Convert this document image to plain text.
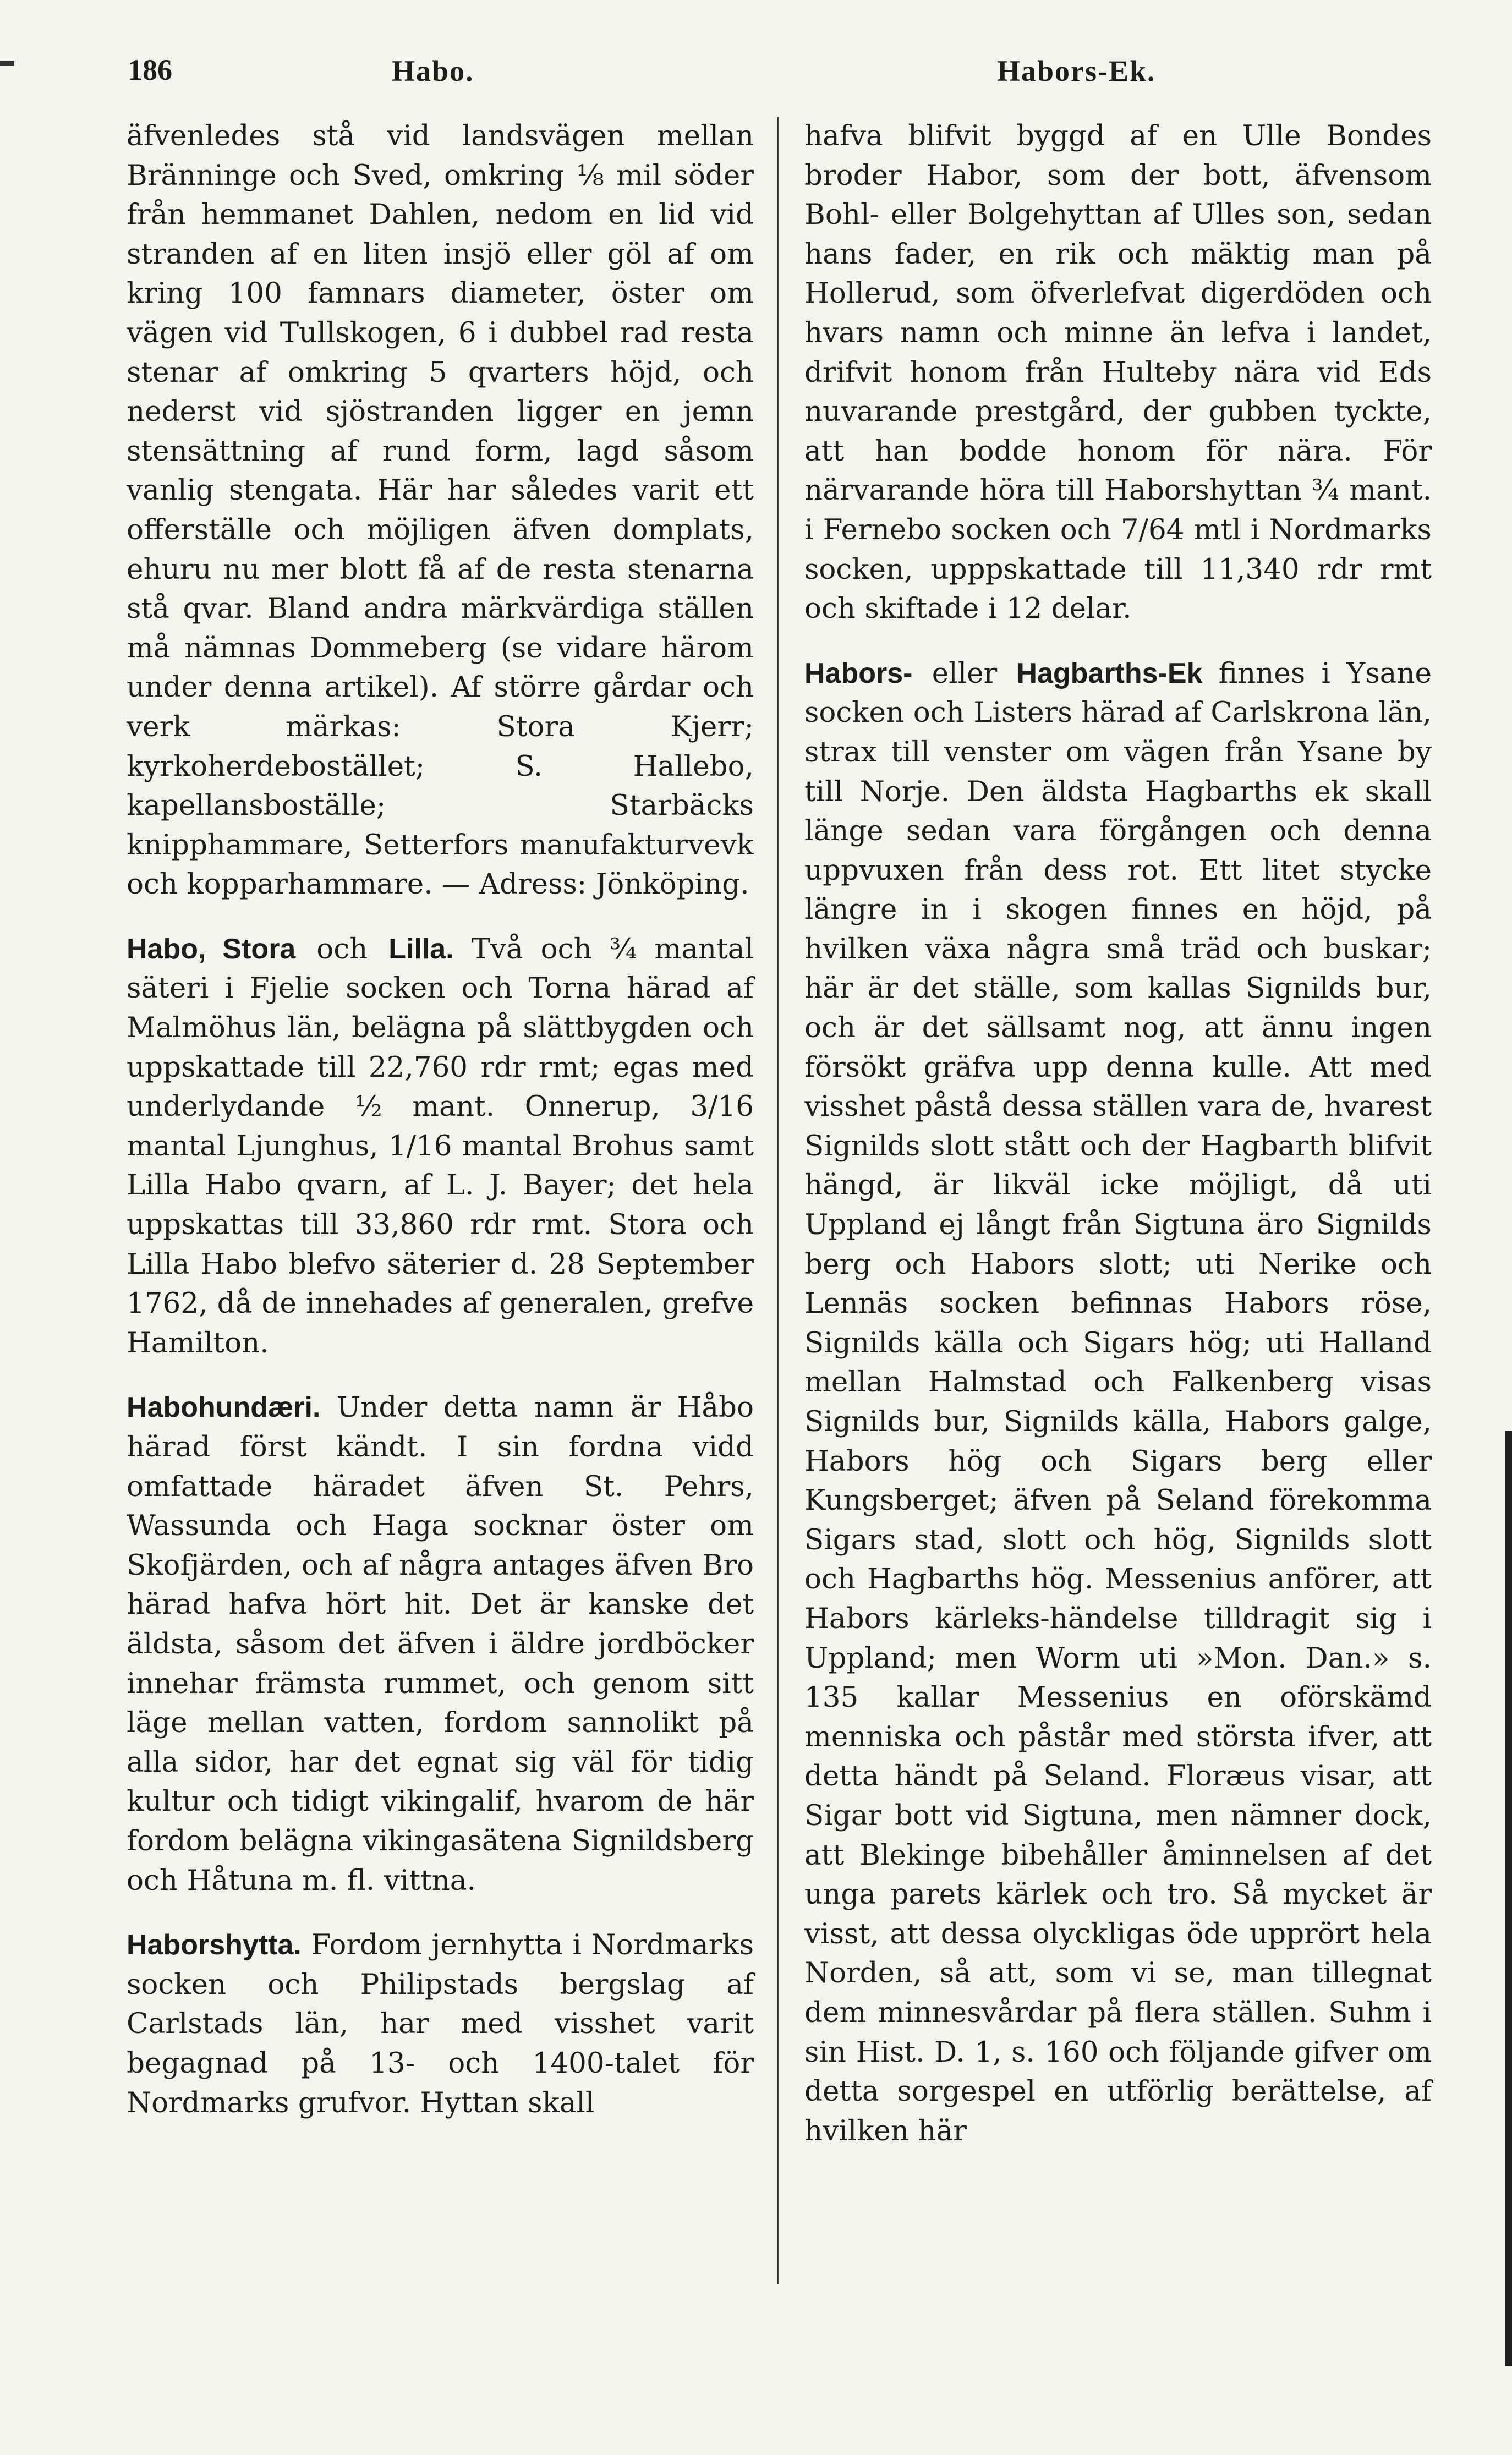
186	Habo.	Habors-Ek.

äfvenledes stå vid landsvägen mellan Bränninge och Sved, omkring ⅛ mil söder från hemmanet Dahlen, nedom en lid vid stranden af en liten insjö eller göl af om kring 100 famnars diameter, öster om vägen vid Tullskogen, 6 i dubbel rad resta stenar af omkring 5 qvarters höjd, och nederst vid sjöstranden ligger en jemn stensättning af rund form, lagd såsom vanlig stengata. Här har således varit ett offerställe och möjligen äfven domplats, ehuru nu mer blott få af de resta stenarna stå qvar. Bland andra märkvärdiga ställen må nämnas Dommeberg (se vidare härom under denna artikel). Af större gårdar och verk märkas: Stora Kjerr; kyrkoherdebostället; S. Hallebo, kapellansboställe; Starbäcks knipphammare, Setterfors manufakturvevk och kopparhammare. — Adress: Jönköping.

Habo, Stora och Lilla. Två och ¾ mantal säteri i Fjelie socken och Torna härad af Malmöhus län, belägna på slättbygden och uppskattade till 22,760 rdr rmt; egas med underlydande ½ mant. Onnerup, 3/16 mantal Ljunghus, 1/16 mantal Brohus samt Lilla Habo qvarn, af L. J. Bayer; det hela uppskattas till 33,860 rdr rmt. Stora och Lilla Habo blefvo säterier d. 28 September 1762, då de innehades af generalen, grefve Hamilton.

Habohundæri. Under detta namn är Håbo härad först kändt. I sin fordna vidd omfattade häradet äfven St. Pehrs, Wassunda och Haga socknar öster om Skofjärden, och af några antages äfven Bro härad hafva hört hit. Det är kanske det äldsta, såsom det äfven i äldre jordböcker innehar främsta rummet, och genom sitt läge mellan vatten, fordom sannolikt på alla sidor, har det egnat sig väl för tidig kultur och tidigt vikingalif, hvarom de här fordom belägna vikingasätena Signildsberg och Håtuna m. fl. vittna.

Haborshytta. Fordom jernhytta i Nordmarks socken och Philipstads bergslag af Carlstads län, har med visshet varit begagnad på 13- och 1400-talet för Nordmarks grufvor. Hyttan skall

hafva blifvit byggd af en Ulle Bondes broder Habor, som der bott, äfvensom Bohl- eller Bolgehyttan af Ulles son, sedan hans fader, en rik och mäktig man på Hollerud, som öfverlefvat digerdöden och hvars namn och minne än lefva i landet, drifvit honom från Hulteby nära vid Eds nuvarande prestgård, der gubben tyckte, att han bodde honom för nära. För närvarande höra till Haborshyttan ¾ mant. i Fernebo socken och 7/64 mtl i Nordmarks socken, upppskattade till 11,340 rdr rmt och skiftade i 12 delar.

Habors- eller Hagbarths-Ek finnes i Ysane socken och Listers härad af Carlskrona län, strax till venster om vägen från Ysane by till Norje. Den äldsta Hagbarths ek skall länge sedan vara förgången och denna uppvuxen från dess rot. Ett litet stycke längre in i skogen finnes en höjd, på hvilken växa några små träd och buskar; här är det ställe, som kallas Signilds bur, och är det sällsamt nog, att ännu ingen försökt gräfva upp denna kulle. Att med visshet påstå dessa ställen vara de, hvarest Signilds slott stått och der Hagbarth blifvit hängd, är likväl icke möjligt, då uti Uppland ej långt från Sigtuna äro Signilds berg och Habors slott; uti Nerike och Lennäs socken befinnas Habors röse, Signilds källa och Sigars hög; uti Halland mellan Halmstad och Falkenberg visas Signilds bur, Signilds källa, Habors galge, Habors hög och Sigars berg eller Kungsberget; äfven på Seland förekomma Sigars stad, slott och hög, Signilds slott och Hagbarths hög. Messenius anförer, att Habors kärleks-händelse tilldragit sig i Uppland; men Worm uti »Mon. Dan.» s. 135 kallar Messenius en oförskämd menniska och påstår med största ifver, att detta händt på Seland. Floræus visar, att Sigar bott vid Sigtuna, men nämner dock, att Blekinge bibehåller åminnelsen af det unga parets kärlek och tro. Så mycket är visst, att dessa olyckligas öde upprört hela Norden, så att, som vi se, man tillegnat dem minnesvårdar på flera ställen. Suhm i sin Hist. D. 1, s. 160 och följande gifver om detta sorgespel en utförlig berättelse, af hvilken här
